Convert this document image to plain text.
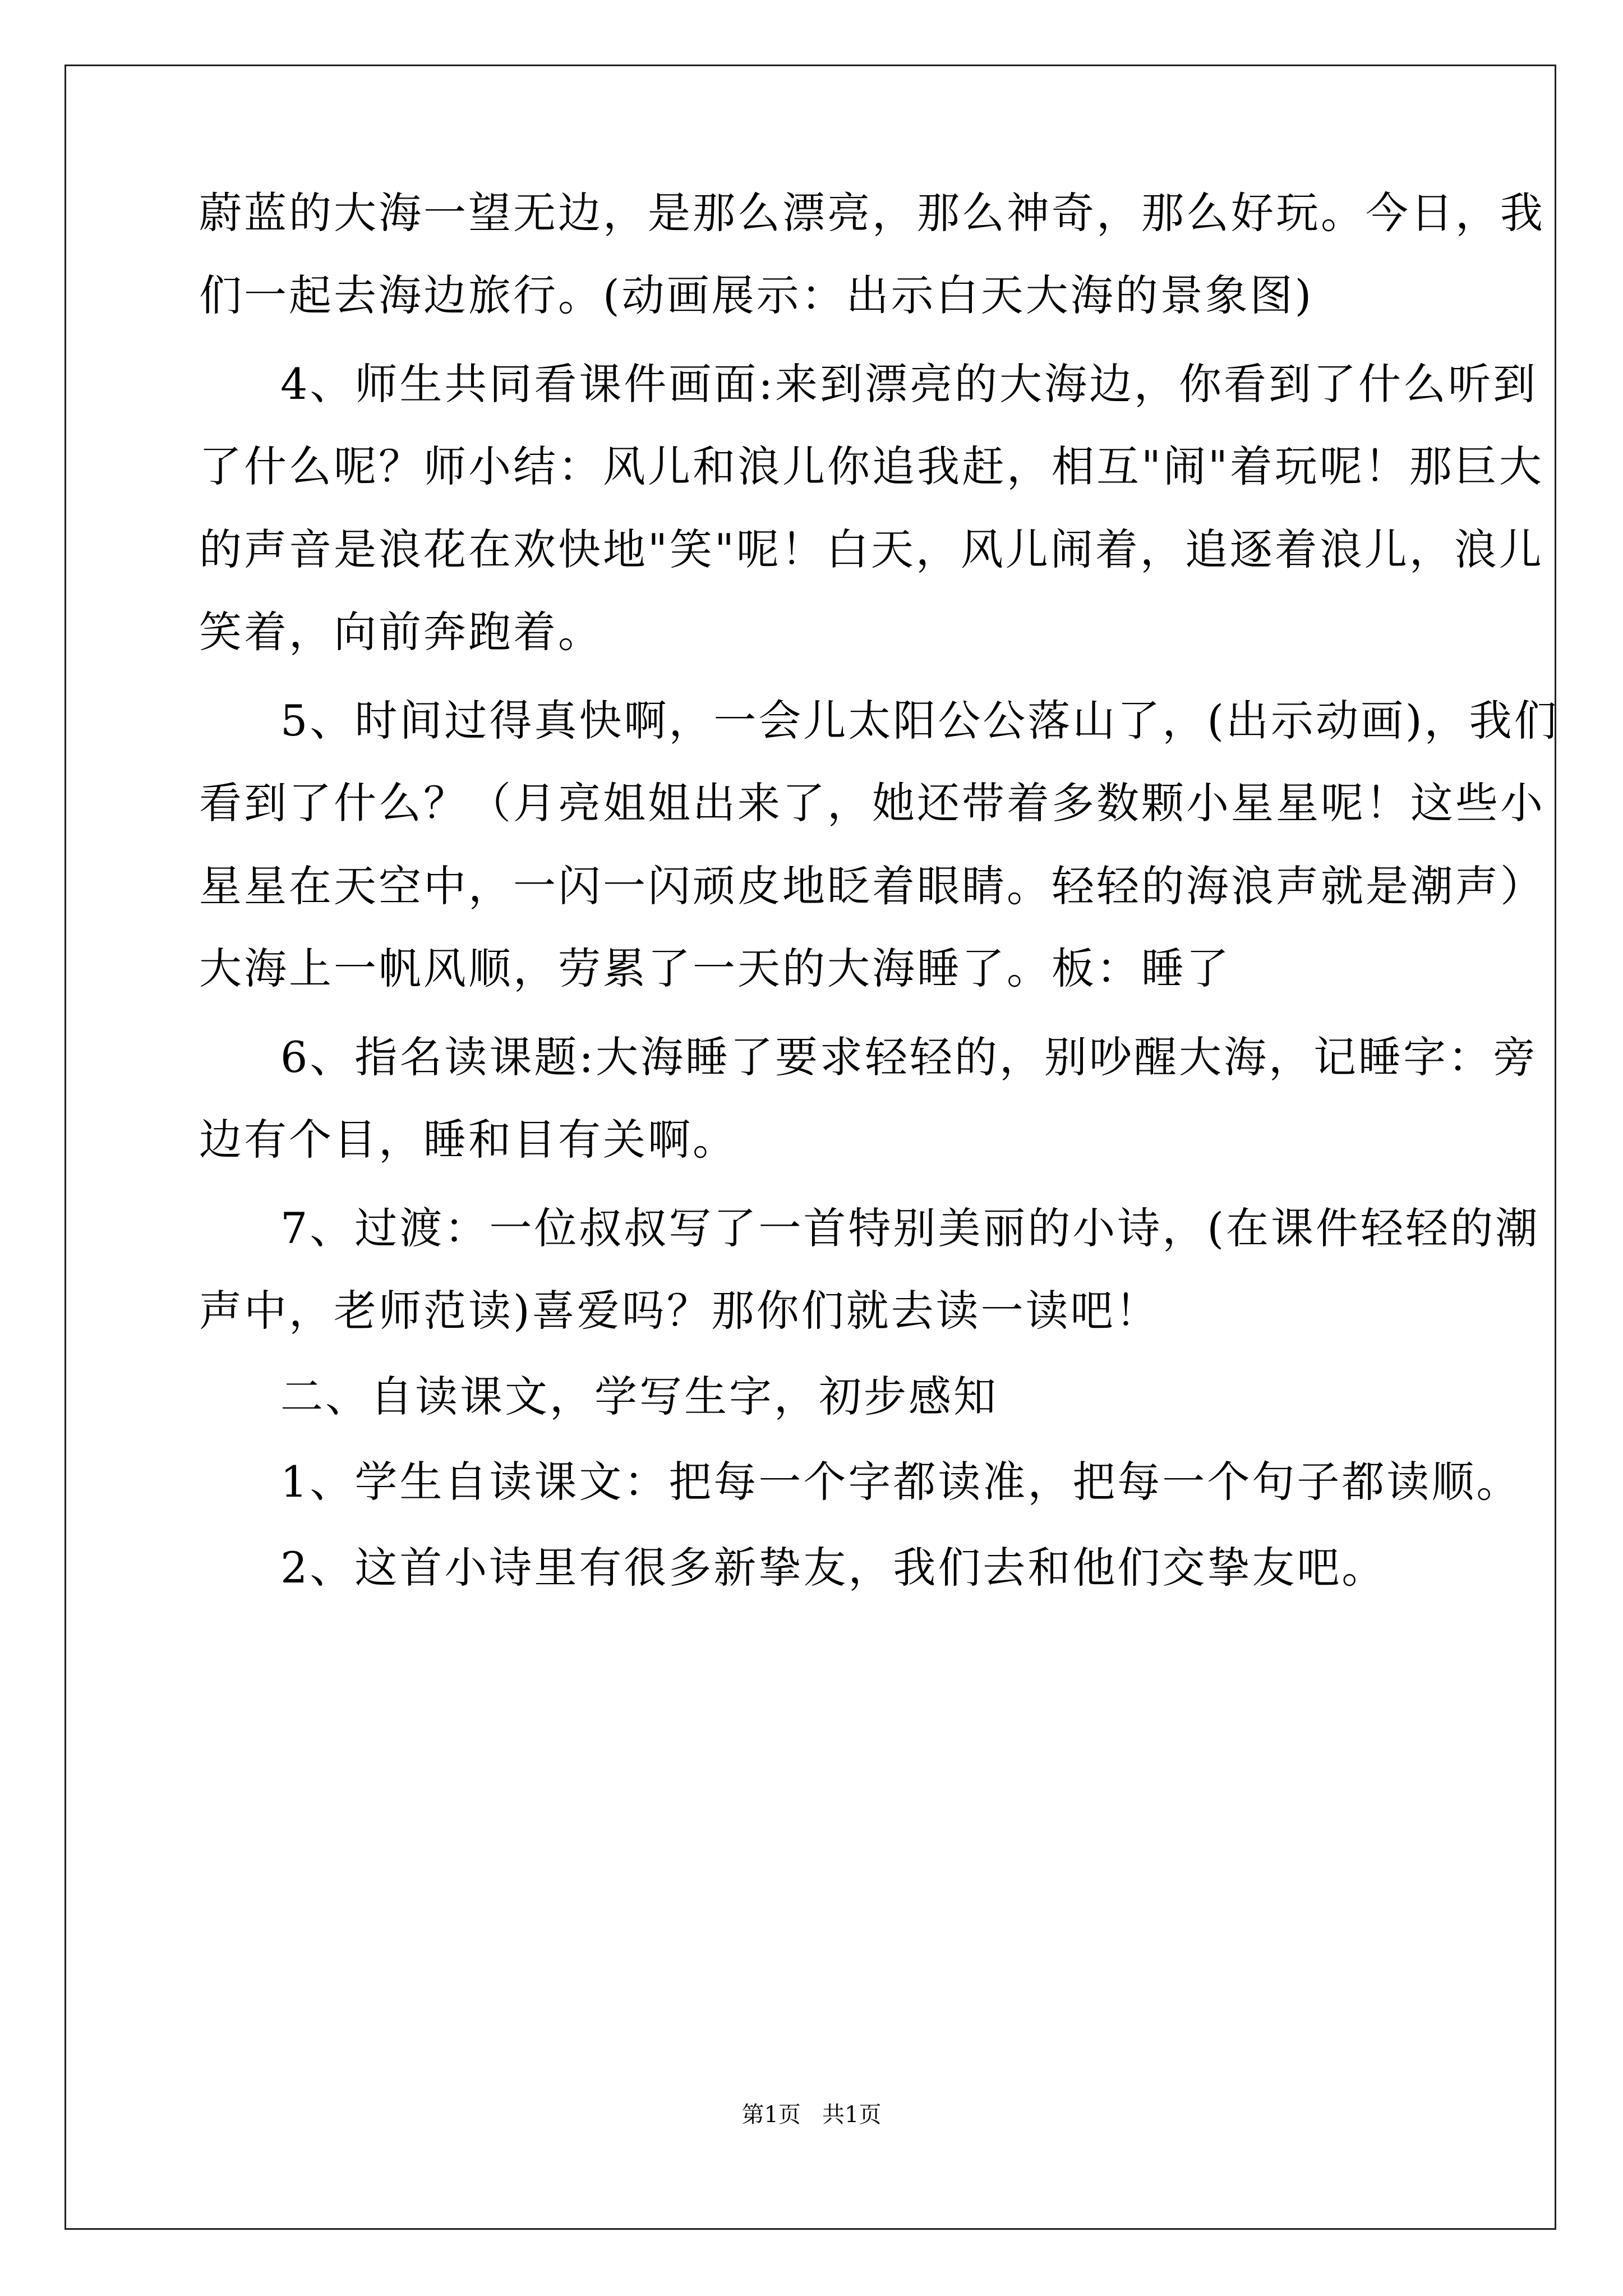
蔚蓝的大海一望无边，是那么漂亮，那么神奇，那么好玩。今日，我
们一起去海边旅行。(动画展示：出示白天大海的景象图)
4、师生共同看课件画面:来到漂亮的大海边，你看到了什么听到
了什么呢？师小结：风儿和浪儿你追我赶，相互"闹"着玩呢！那巨大
的声音是浪花在欢快地"笑"呢！白天，风儿闹着，追逐着浪儿，浪儿
笑着，向前奔跑着。
5、时间过得真快啊，一会儿太阳公公落山了，(出示动画)，我们
看到了什么？（月亮姐姐出来了，她还带着多数颗小星星呢！这些小
星星在天空中，一闪一闪顽皮地眨着眼睛。轻轻的海浪声就是潮声）
大海上一帆风顺，劳累了一天的大海睡了。板：睡了
6、指名读课题:大海睡了要求轻轻的，别吵醒大海，记睡字：旁
边有个目，睡和目有关啊。
7、过渡：一位叔叔写了一首特别美丽的小诗，(在课件轻轻的潮
声中，老师范读)喜爱吗？那你们就去读一读吧！
二、自读课文，学写生字，初步感知
1、学生自读课文：把每一个字都读准，把每一个句子都读顺。
2、这首小诗里有很多新挚友，我们去和他们交挚友吧。
第1页   共1页
